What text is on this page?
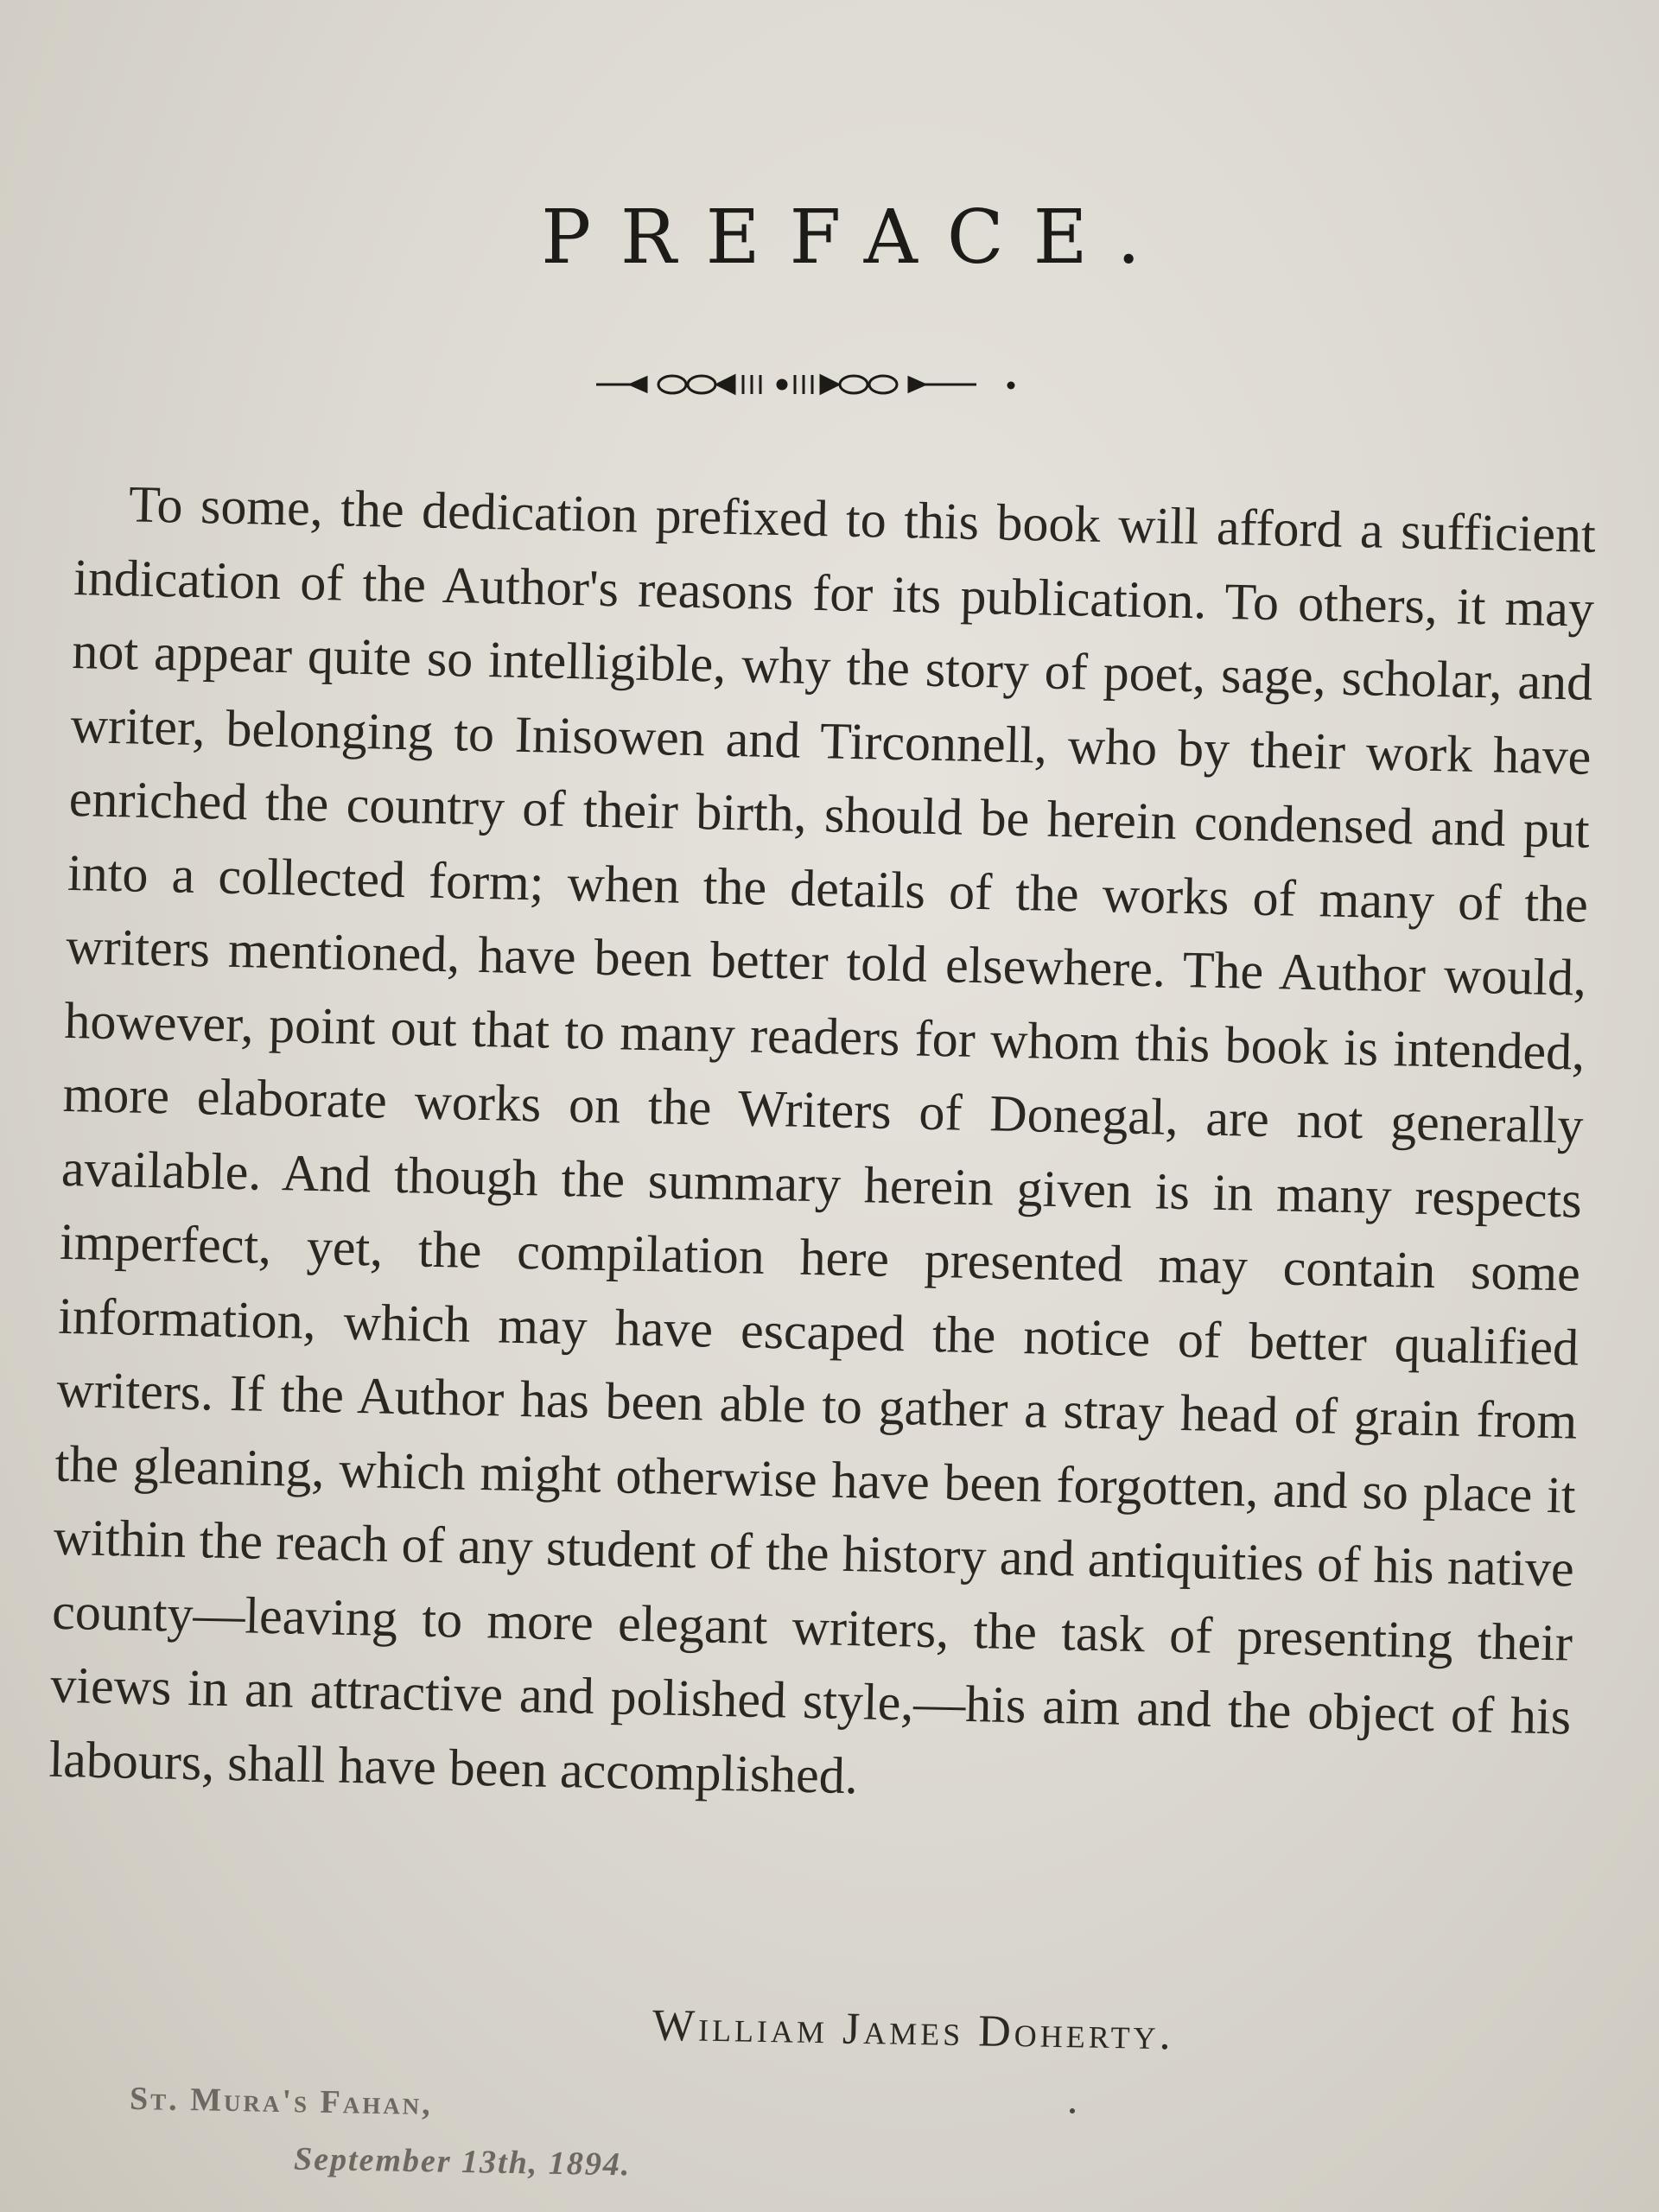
PREFACE.
To some, the dedication prefixed to this book will afford a sufficient indication of the Author's reasons for its publication. To others, it may not appear quite so intelligible, why the story of poet, sage, scholar, and writer, belonging to Inisowen and Tirconnell, who by their work have enriched the country of their birth, should be herein condensed and put into a collected form; when the details of the works of many of the writers mentioned, have been better told elsewhere. The Author would, however, point out that to many readers for whom this book is intended, more elaborate works on the Writers of Donegal, are not generally available. And though the summary herein given is in many respects imperfect, yet, the compilation here presented may contain some information, which may have escaped the notice of better qualified writers. If the Author has been able to gather a stray head of grain from the gleaning, which might otherwise have been forgotten, and so place it within the reach of any student of the history and antiquities of his native county—leaving to more elegant writers, the task of presenting their views in an attractive and polished style,—his aim and the object of his labours, shall have been accomplished.
William James Doherty.
St. Mura's Fahan,
September 13th, 1894.
